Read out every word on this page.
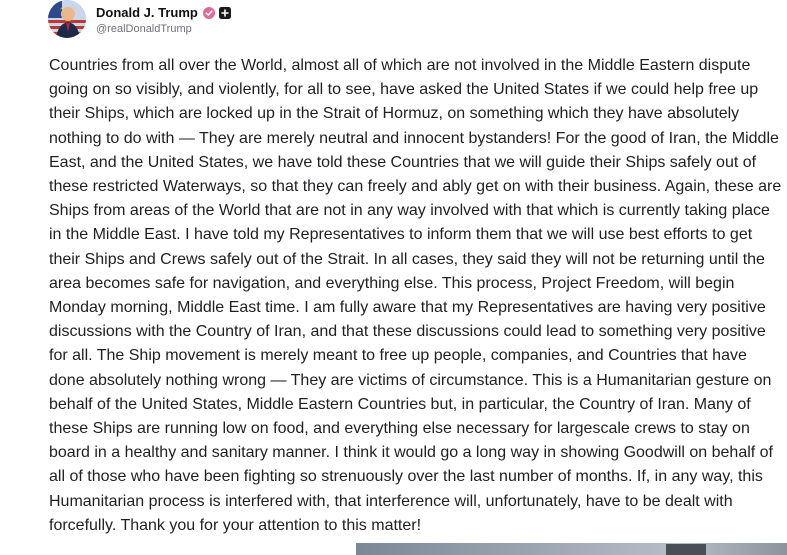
Donald J. Trump
@realDonaldTrump

Countries from all over the World, almost all of which are not involved in the Middle Eastern dispute going on so visibly, and violently, for all to see, have asked the United States if we could help free up their Ships, which are locked up in the Strait of Hormuz, on something which they have absolutely nothing to do with — They are merely neutral and innocent bystanders! For the good of Iran, the Middle East, and the United States, we have told these Countries that we will guide their Ships safely out of these restricted Waterways, so that they can freely and ably get on with their business. Again, these are Ships from areas of the World that are not in any way involved with that which is currently taking place in the Middle East. I have told my Representatives to inform them that we will use best efforts to get their Ships and Crews safely out of the Strait. In all cases, they said they will not be returning until the area becomes safe for navigation, and everything else. This process, Project Freedom, will begin Monday morning, Middle East time. I am fully aware that my Representatives are having very positive discussions with the Country of Iran, and that these discussions could lead to something very positive for all. The Ship movement is merely meant to free up people, companies, and Countries that have done absolutely nothing wrong — They are victims of circumstance. This is a Humanitarian gesture on behalf of the United States, Middle Eastern Countries but, in particular, the Country of Iran. Many of these Ships are running low on food, and everything else necessary for largescale crews to stay on board in a healthy and sanitary manner. I think it would go a long way in showing Goodwill on behalf of all of those who have been fighting so strenuously over the last number of months. If, in any way, this Humanitarian process is interfered with, that interference will, unfortunately, have to be dealt with forcefully. Thank you for your attention to this matter!
